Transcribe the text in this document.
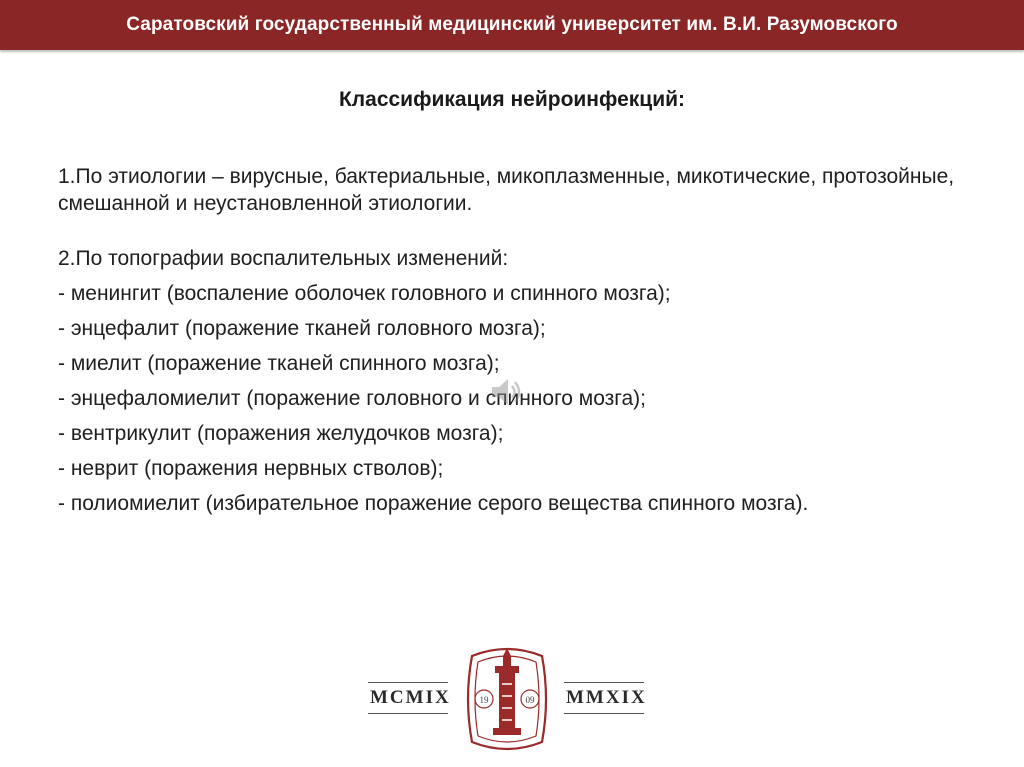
Саратовский государственный медицинский университет им. В.И. Разумовского
Классификация нейроинфекций:

1.По этиологии – вирусные, бактериальные, микоплазменные, микотические, протозойные, смешанной и неустановленной этиологии.

2.По топографии воспалительных изменений:

- менингит (воспаление оболочек головного и спинного мозга);
- энцефалит (поражение тканей головного мозга);
- миелит (поражение тканей спинного мозга);
- энцефаломиелит (поражение головного и спинного мозга);
- вентрикулит (поражения желудочков мозга);
- неврит (поражения нервных стволов);
- полиомиелит (избирательное поражение серого вещества спинного мозга).
MCMIX	MMXIX
19	09
